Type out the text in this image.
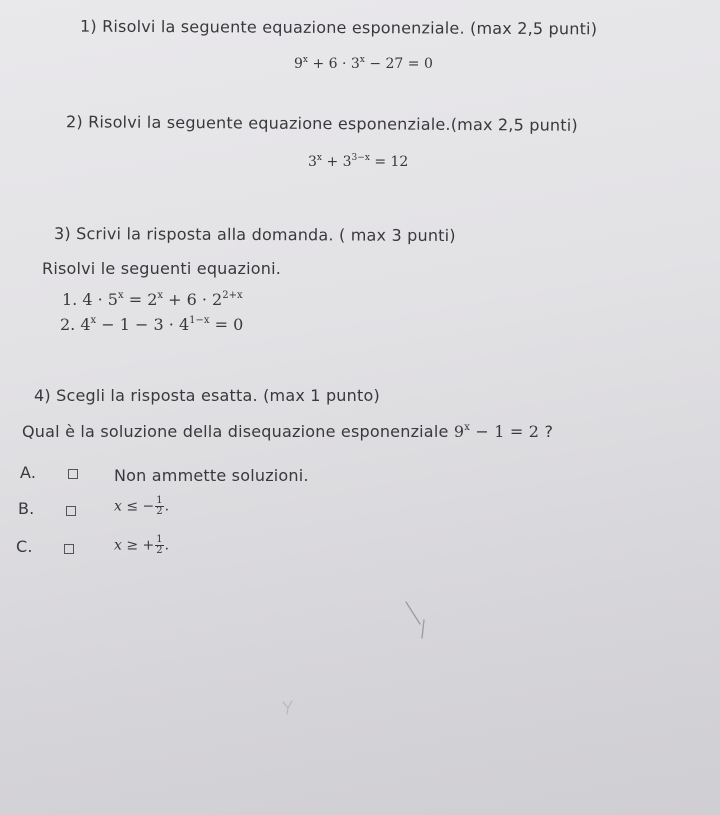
1) Risolvi la seguente equazione esponenziale. (max 2,5 punti)
$9^x + 6 \cdot 3^x - 27 = 0$
2) Risolvi la seguente equazione esponenziale.(max 2,5 punti)
$3^x + 3^{3-x} = 12$
3) Scrivi la risposta alla domanda. ( max 3 punti)
Risolvi le seguenti equazioni.
1. $4 \cdot 5^x = 2^x + 6 \cdot 2^{2+x}$
2. $4^x - 1 - 3 \cdot 4^{1-x} = 0$
4) Scegli la risposta esatta. (max 1 punto)
Qual è la soluzione della disequazione esponenziale $9^x - 1 = 2$ ?
A.	Non ammette soluzioni.
B.	x ≤ − $\frac{1}{2}$ .
C.	x ≥ + $\frac{1}{2}$ .
